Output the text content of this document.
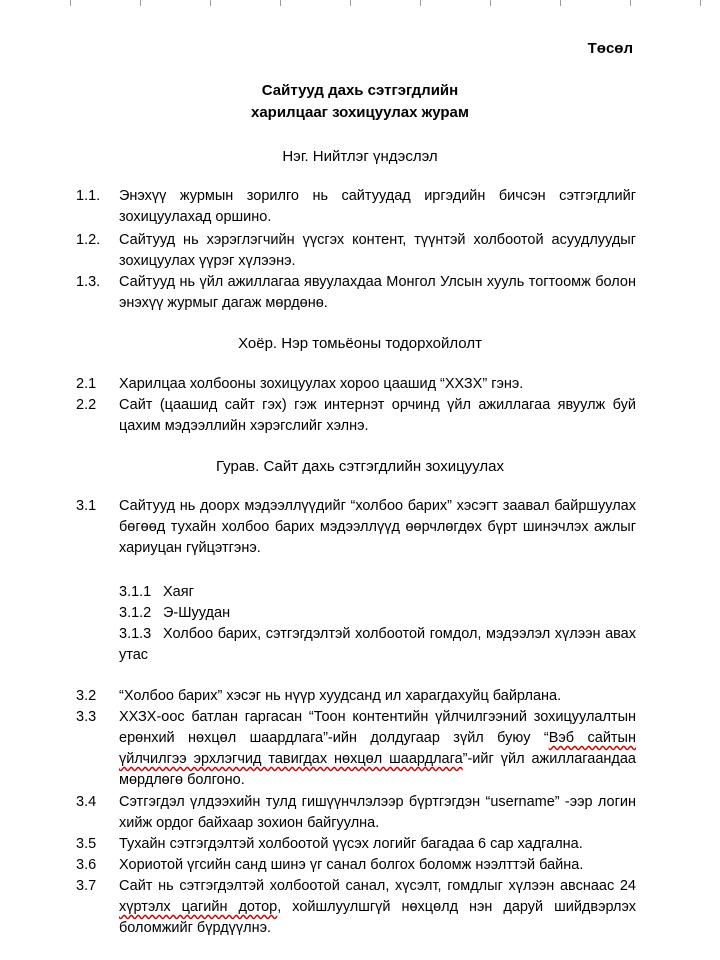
Төсөл
Сайтууд дахь сэтгэгдлийн
харилцааг зохицуулах журам
Нэг. Нийтлэг үндэслэл
1.1. Энэхүү журмын зорилго нь сайтуудад иргэдийн бичсэн сэтгэгдлийг зохицуулахад оршино.
1.2. Сайтууд нь хэрэглэгчийн үүсгэх контент, түүнтэй холбоотой асуудлуудыг зохицуулах үүрэг хүлээнэ.
1.3. Сайтууд нь үйл ажиллагаа явуулахдаа Монгол Улсын хууль тогтоомж болон энэхүү журмыг дагаж мөрдөнө.
Хоёр. Нэр томьёоны тодорхойлолт
2.1 Харилцаа холбооны зохицуулах хороо цаашид “ХХЗХ” гэнэ.
2.2 Сайт (цаашид сайт гэх) гэж интернэт орчинд үйл ажиллагаа явуулж буй цахим мэдээллийн хэрэгслийг хэлнэ.
Гурав. Сайт дахь сэтгэгдлийн зохицуулах
3.1 Сайтууд нь доорх мэдээллүүдийг “холбоо барих” хэсэгт заавал байршуулах бөгөөд тухайн холбоо барих мэдээллүүд өөрчлөгдөх бүрт шинэчлэх ажлыг хариуцан гүйцэтгэнэ.
3.1.1 Хаяг
3.1.2 Э-Шуудан
3.1.3 Холбоо барих, сэтгэгдэлтэй холбоотой гомдол, мэдээлэл хүлээн авах утас
3.2 “Холбоо барих” хэсэг нь нүүр хуудсанд ил харагдахуйц байрлана.
3.3 ХХЗХ-оос батлан гаргасан “Тоон контентийн үйлчилгээний зохицуулалтын ерөнхий нөхцөл шаардлага”-ийн долдугаар зүйл буюу “Вэб сайтын үйлчилгээ эрхлэгчид тавигдах нөхцөл шаардлага”-ийг үйл ажиллагаандаа мөрдлөгө болгоно.
3.4 Сэтгэгдэл үлдээхийн тулд гишүүнчлэлээр бүртгэгдэн “username” -ээр логин хийж ордог байхаар зохион байгуулна.
3.5 Тухайн сэтгэгдэлтэй холбоотой үүсэх логийг багадаа 6 сар хадгална.
3.6 Хориотой үгсийн санд шинэ үг санал болгох боломж нээлттэй байна.
3.7 Сайт нь сэтгэгдэлтэй холбоотой санал, хүсэлт, гомдлыг хүлээн авснаас 24 хүртэлх цагийн дотор, хойшлуулшгүй нөхцөлд нэн даруй шийдвэрлэх боломжийг бүрдүүлнэ.
